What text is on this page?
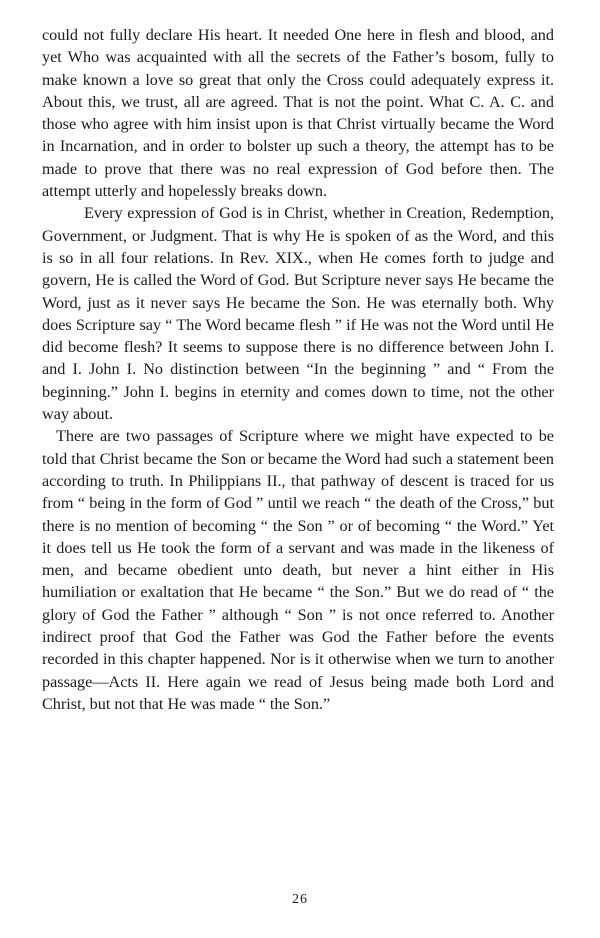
could not fully declare His heart. It needed One here in flesh and blood, and yet Who was acquainted with all the secrets of the Father’s bosom, fully to make known a love so great that only the Cross could adequately express it. About this, we trust, all are agreed. That is not the point. What C. A. C. and those who agree with him insist upon is that Christ virtually became the Word in Incarnation, and in order to bolster up such a theory, the attempt has to be made to prove that there was no real expression of God before then. The attempt utterly and hopelessly breaks down.

Every expression of God is in Christ, whether in Creation, Redemption, Government, or Judgment. That is why He is spoken of as the Word, and this is so in all four relations. In Rev. XIX., when He comes forth to judge and govern, He is called the Word of God. But Scripture never says He became the Word, just as it never says He became the Son. He was eternally both. Why does Scripture say “ The Word became flesh ” if He was not the Word until He did become flesh? It seems to suppose there is no difference between John I. and I. John I. No distinction between “In the beginning ” and “ From the beginning.” John I. begins in eternity and comes down to time, not the other way about.

There are two passages of Scripture where we might have expected to be told that Christ became the Son or became the Word had such a statement been according to truth. In Philippians II., that pathway of descent is traced for us from “ being in the form of God ” until we reach “ the death of the Cross,” but there is no mention of becoming “ the Son ” or of becoming “ the Word.” Yet it does tell us He took the form of a servant and was made in the likeness of men, and became obedient unto death, but never a hint either in His humiliation or exaltation that He became “ the Son.” But we do read of “ the glory of God the Father ” although “ Son ” is not once referred to. Another indirect proof that God the Father was God the Father before the events recorded in this chapter happened. Nor is it otherwise when we turn to another passage—Acts II. Here again we read of Jesus being made both Lord and Christ, but not that He was made “ the Son.”

26
